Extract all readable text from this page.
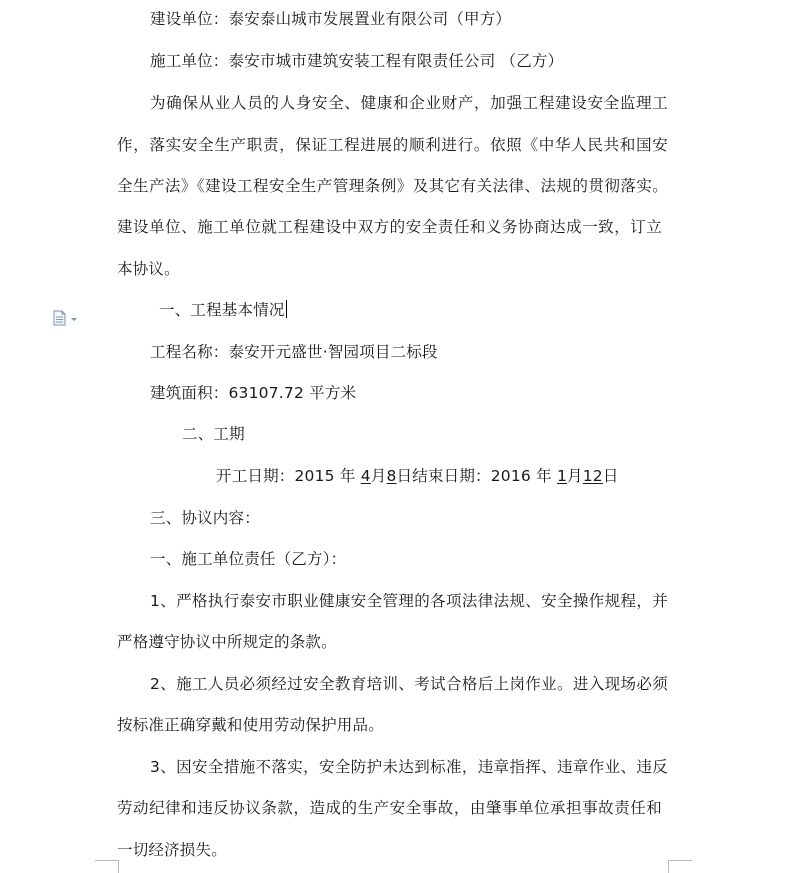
建设单位：泰安泰山城市发展置业有限公司（甲方）
施工单位：泰安市城市建筑安装工程有限责任公司 （乙方）
为确保从业人员的人身安全、健康和企业财产，加强工程建设安全监理工
作，落实安全生产职责，保证工程进展的顺利进行。依照《中华人民共和国安
全生产法》《建设工程安全生产管理条例》及其它有关法律、法规的贯彻落实。
建设单位、施工单位就工程建设中双方的安全责任和义务协商达成一致，订立
本协议。
一、工程基本情况
工程名称：泰安开元盛世·智园项目二标段
建筑面积：63107.72 平方米
二、工期
开工日期：2015 年 4月8日结束日期：2016 年 1月12日
三、协议内容：
一、施工单位责任（乙方）：
1、严格执行泰安市职业健康安全管理的各项法律法规、安全操作规程，并
严格遵守协议中所规定的条款。
2、施工人员必须经过安全教育培训、考试合格后上岗作业。进入现场必须
按标准正确穿戴和使用劳动保护用品。
3、因安全措施不落实，安全防护未达到标准，违章指挥、违章作业、违反
劳动纪律和违反协议条款，造成的生产安全事故，由肇事单位承担事故责任和
一切经济损失。
